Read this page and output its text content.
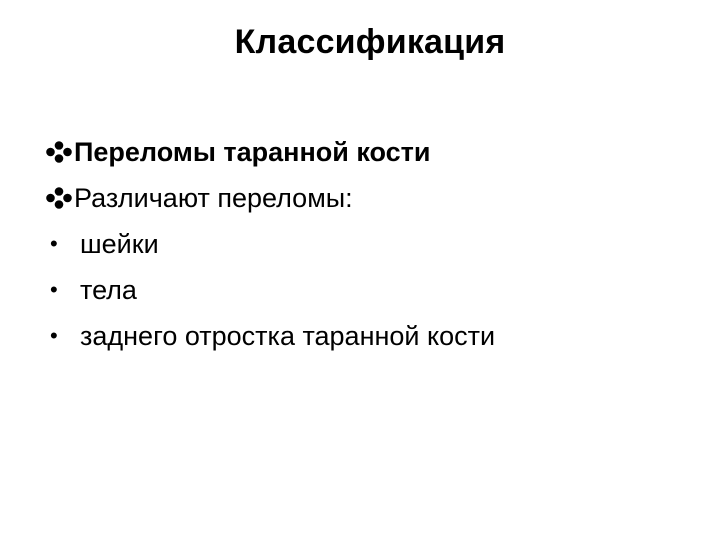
Классификация
Переломы таранной кости
Различают переломы:
• шейки
• тела
• заднего отростка таранной кости
